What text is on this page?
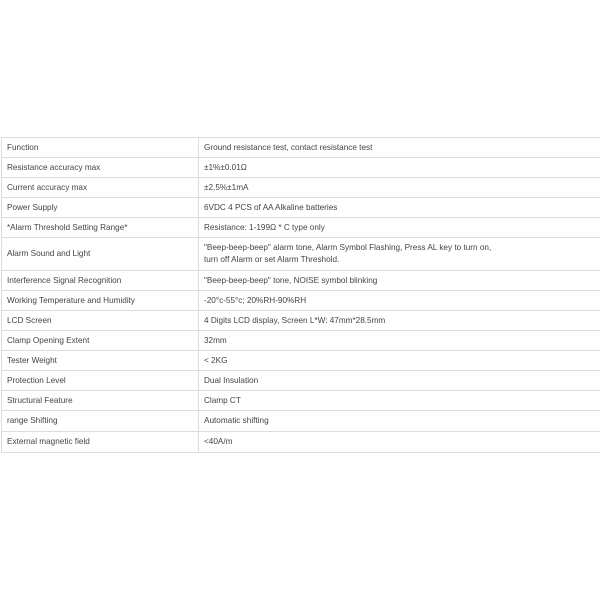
Function	Ground resistance test, contact resistance test
Resistance accuracy max	±1%±0.01Ω
Current accuracy max	±2.5%±1mA
Power Supply	6VDC 4 PCS of AA Alkaline batteries
*Alarm Threshold Setting Range*	Resistance: 1-199Ω * C type only
Alarm Sound and Light	"Beep-beep-beep" alarm tone, Alarm Symbol Flashing, Press AL key to turn on,
turn off Alarm or set Alarm Threshold.

Interference Signal Recognition	"Beep-beep-beep" tone, NOISE symbol blinking
Working Temperature and Humidity	-20°c-55°c; 20%RH-90%RH
LCD Screen	4 Digits LCD display, Screen L*W: 47mm*28.5mm
Clamp Opening Extent	32mm
Tester Weight	< 2KG
Protection Level	Dual Insulation
Structural Feature	Clamp CT
range Shifting	Automatic shifting
External magnetic field	<40A/m
